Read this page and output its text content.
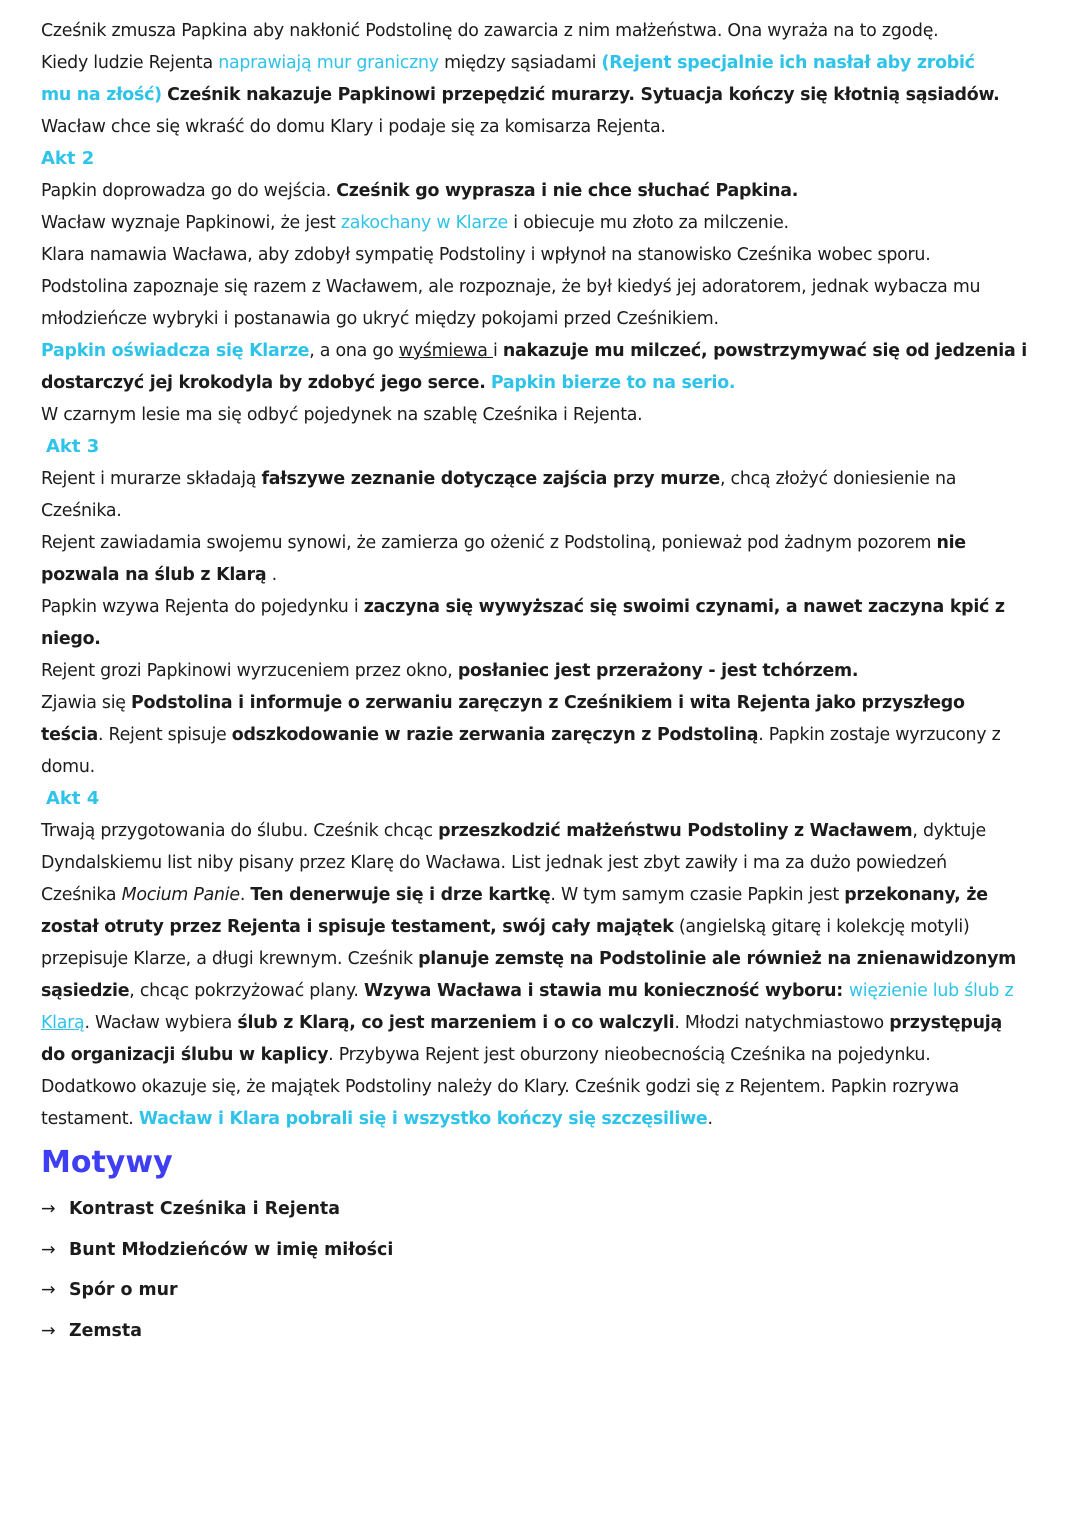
Cześnik zmusza Papkina aby nakłonić Podstolinę do zawarcia z nim małżeństwa. Ona wyraża na to zgodę.

Kiedy ludzie Rejenta naprawiają mur graniczny między sąsiadami (Rejent specjalnie ich nasłał aby zrobić

mu na złość) Cześnik nakazuje Papkinowi przepędzić murarzy. Sytuacja kończy się kłotnią sąsiadów.

Wacław chce się wkraść do domu Klary i podaje się za komisarza Rejenta.

Akt 2

Papkin doprowadza go do wejścia. Cześnik go wyprasza i nie chce słuchać Papkina.

Wacław wyznaje Papkinowi, że jest zakochany w Klarze i obiecuje mu złoto za milczenie.

Klara namawia Wacława, aby zdobył sympatię Podstoliny i wpłynoł na stanowisko Cześnika wobec sporu.

Podstolina zapoznaje się razem z Wacławem, ale rozpoznaje, że był kiedyś jej adoratorem, jednak wybacza mu

młodzieńcze wybryki i postanawia go ukryć między pokojami przed Cześnikiem.

Papkin oświadcza się Klarze, a ona go wyśmiewa i nakazuje mu milczeć, powstrzymywać się od jedzenia i

dostarczyć jej krokodyla by zdobyć jego serce. Papkin bierze to na serio.

W czarnym lesie ma się odbyć pojedynek na szablę Cześnika i Rejenta.

Akt 3

Rejent i murarze składają fałszywe zeznanie dotyczące zajścia przy murze, chcą złożyć doniesienie na

Cześnika.

Rejent zawiadamia swojemu synowi, że zamierza go ożenić z Podstoliną, ponieważ pod żadnym pozorem nie

pozwala na ślub z Klarą .

Papkin wzywa Rejenta do pojedynku i zaczyna się wywyższać się swoimi czynami, a nawet zaczyna kpić z

niego.

Rejent grozi Papkinowi wyrzuceniem przez okno, posłaniec jest przerażony - jest tchórzem.

Zjawia się Podstolina i informuje o zerwaniu zaręczyn z Cześnikiem i wita Rejenta jako przyszłego

teścia. Rejent spisuje odszkodowanie w razie zerwania zaręczyn z Podstoliną. Papkin zostaje wyrzucony z

domu.

Akt 4

Trwają przygotowania do ślubu. Cześnik chcąc przeszkodzić małżeństwu Podstoliny z Wacławem, dyktuje

Dyndalskiemu list niby pisany przez Klarę do Wacława. List jednak jest zbyt zawiły i ma za dużo powiedzeń

Cześnika Mocium Panie. Ten denerwuje się i drze kartkę. W tym samym czasie Papkin jest przekonany, że

został otruty przez Rejenta i spisuje testament, swój cały majątek (angielską gitarę i kolekcję motyli)

przepisuje Klarze, a długi krewnym. Cześnik planuje zemstę na Podstolinie ale również na znienawidzonym

sąsiedzie, chcąc pokrzyżować plany. Wzywa Wacława i stawia mu konieczność wyboru: więzienie lub ślub z

Klarą. Wacław wybiera ślub z Klarą, co jest marzeniem i o co walczyli. Młodzi natychmiastowo przystępują

do organizacji ślubu w kaplicy. Przybywa Rejent jest oburzony nieobecnością Cześnika na pojedynku.

Dodatkowo okazuje się, że majątek Podstoliny należy do Klary. Cześnik godzi się z Rejentem. Papkin rozrywa

testament. Wacław i Klara pobrali się i wszystko kończy się szczęsiliwe.

Motywy
→ Kontrast Cześnika i Rejenta
→ Bunt Młodzieńców w imię miłości
→ Spór o mur
→ Zemsta
